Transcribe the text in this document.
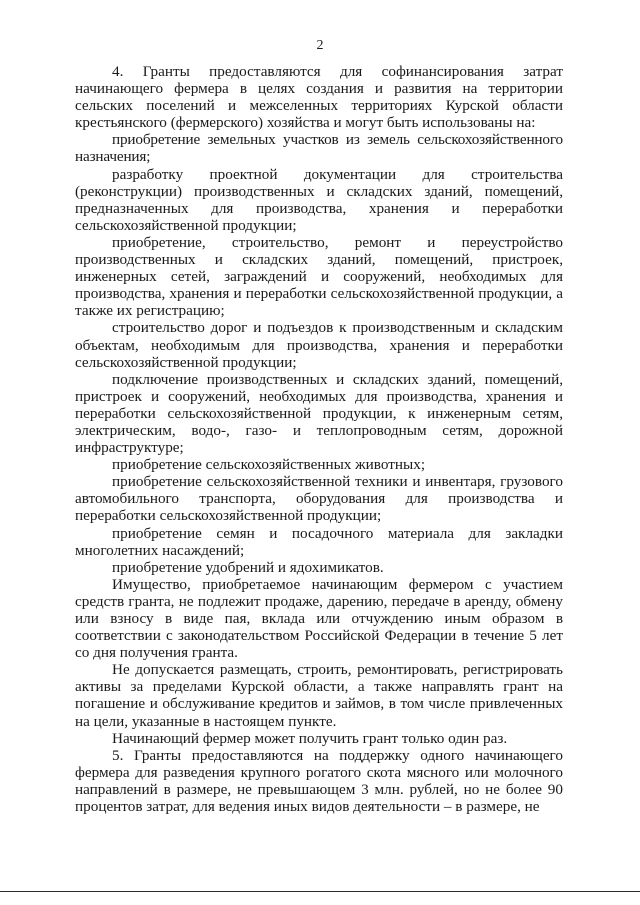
2

4. Гранты предоставляются для софинансирования затрат начинающего фермера в целях создания и развития на территории сельских поселений и межселенных территориях Курской области крестьянского (фермерского) хозяйства и могут быть использованы на:

приобретение земельных участков из земель сельскохозяйственного назначения;

разработку проектной документации для строительства (реконструкции) производственных и складских зданий, помещений, предназначенных для производства, хранения и переработки сельскохозяйственной продукции;

приобретение, строительство, ремонт и переустройство производственных и складских зданий, помещений, пристроек, инженерных сетей, заграждений и сооружений, необходимых для производства, хранения и переработки сельскохозяйственной продукции, а также их регистрацию;

строительство дорог и подъездов к производственным и складским объектам, необходимым для производства, хранения и переработки сельскохозяйственной продукции;

подключение производственных и складских зданий, помещений, пристроек и сооружений, необходимых для производства, хранения и переработки сельскохозяйственной продукции, к инженерным сетям, электрическим, водо-, газо- и теплопроводным сетям, дорожной инфраструктуре;

приобретение сельскохозяйственных животных;

приобретение сельскохозяйственной техники и инвентаря, грузового автомобильного транспорта, оборудования для производства и переработки сельскохозяйственной продукции;

приобретение семян и посадочного материала для закладки многолетних насаждений;

приобретение удобрений и ядохимикатов.

Имущество, приобретаемое начинающим фермером с участием средств гранта, не подлежит продаже, дарению, передаче в аренду, обмену или взносу в виде пая, вклада или отчуждению иным образом в соответствии с законодательством Российской Федерации в течение 5 лет со дня получения гранта.

Не допускается размещать, строить, ремонтировать, регистрировать активы за пределами Курской области, а также направлять грант на погашение и обслуживание кредитов и займов, в том числе привлеченных на цели, указанные в настоящем пункте.

Начинающий фермер может получить грант только один раз.

5. Гранты предоставляются на поддержку одного начинающего фермера для разведения крупного рогатого скота мясного или молочного направлений в размере, не превышающем 3 млн. рублей, но не более 90 процентов затрат, для ведения иных видов деятельности – в размере, не
